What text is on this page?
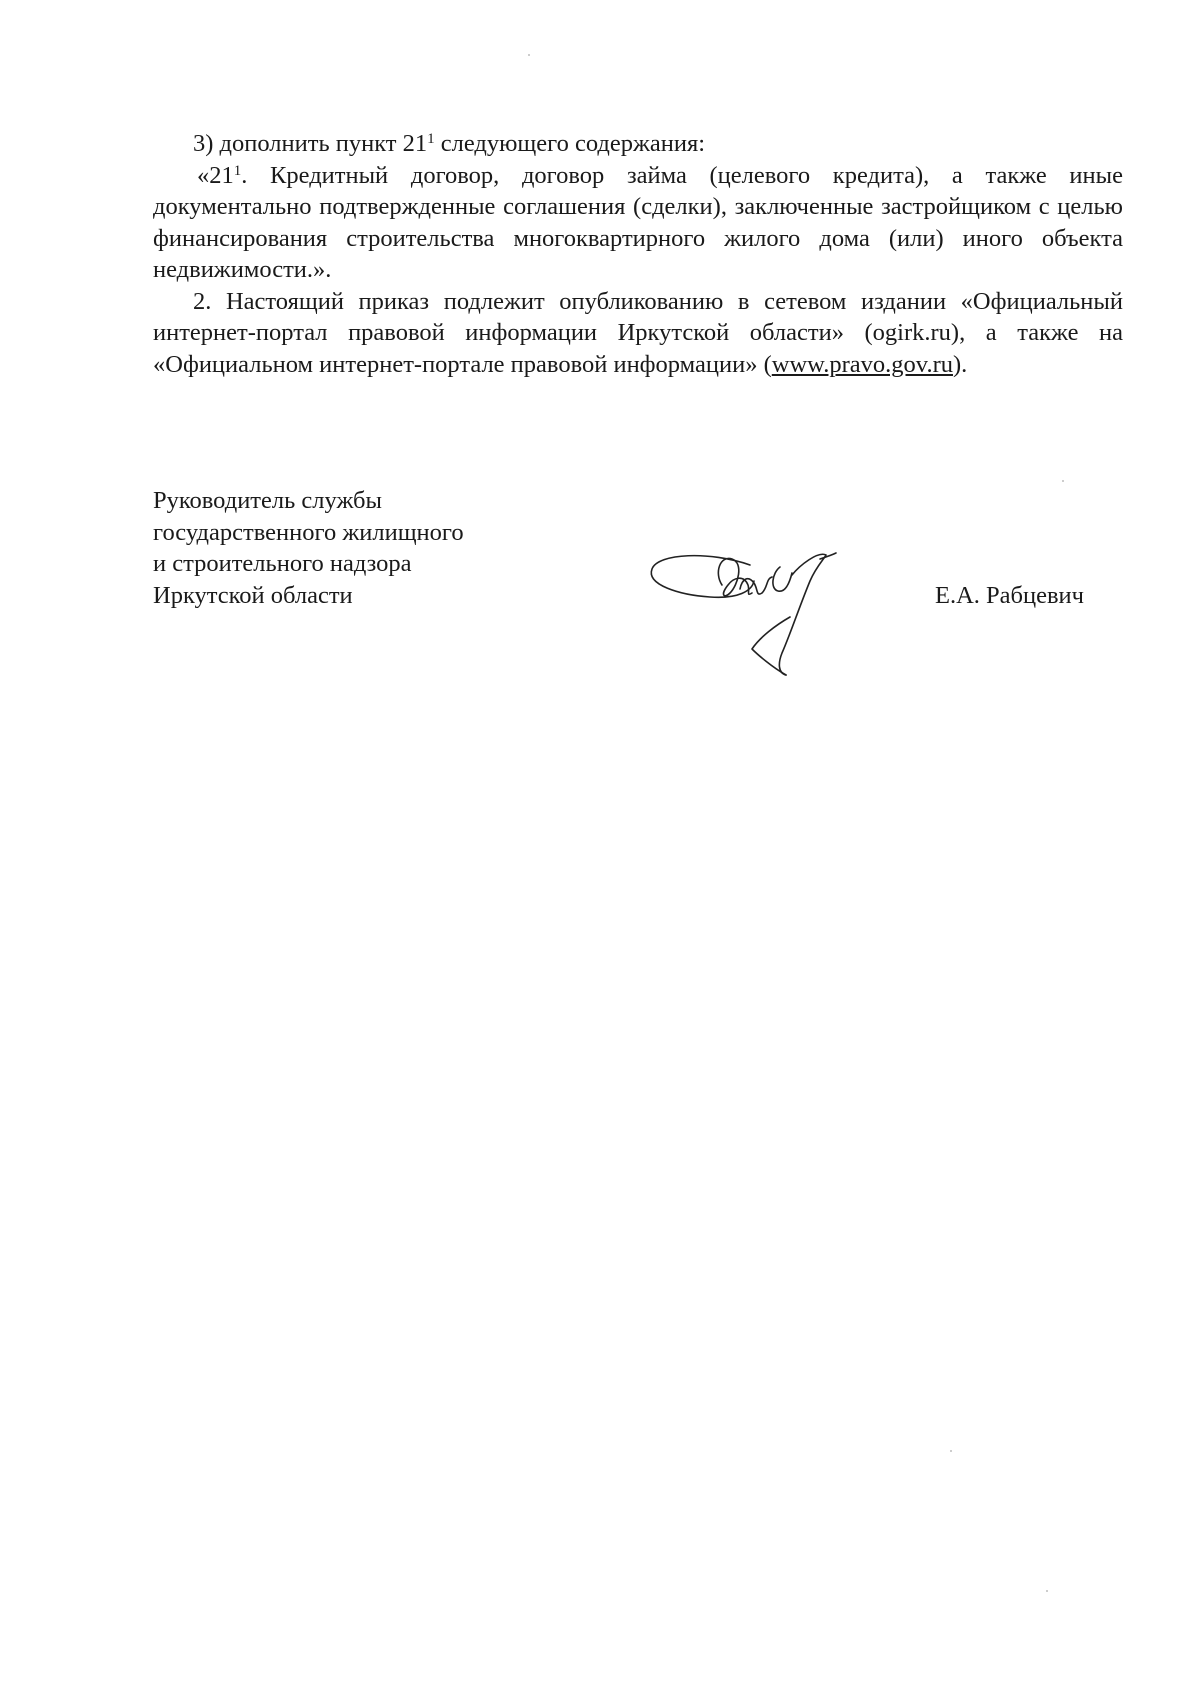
3) дополнить пункт $21^1$ следующего содержания:

«$21^1$. Кредитный договор, договор займа (целевого кредита), а также иные документально подтвержденные соглашения (сделки), заключенные застройщиком с целью финансирования строительства многоквартирного жилого дома (или) иного объекта недвижимости.».

2. Настоящий приказ подлежит опубликованию в сетевом издании «Официальный интернет-портал правовой информации Иркутской области» (ogirk.ru), а также на «Официальном интернет-портале правовой информации» (www.pravo.gov.ru).

Руководитель службы
государственного жилищного
и строительного надзора
Иркутской области	Е.А. Рабцевич
